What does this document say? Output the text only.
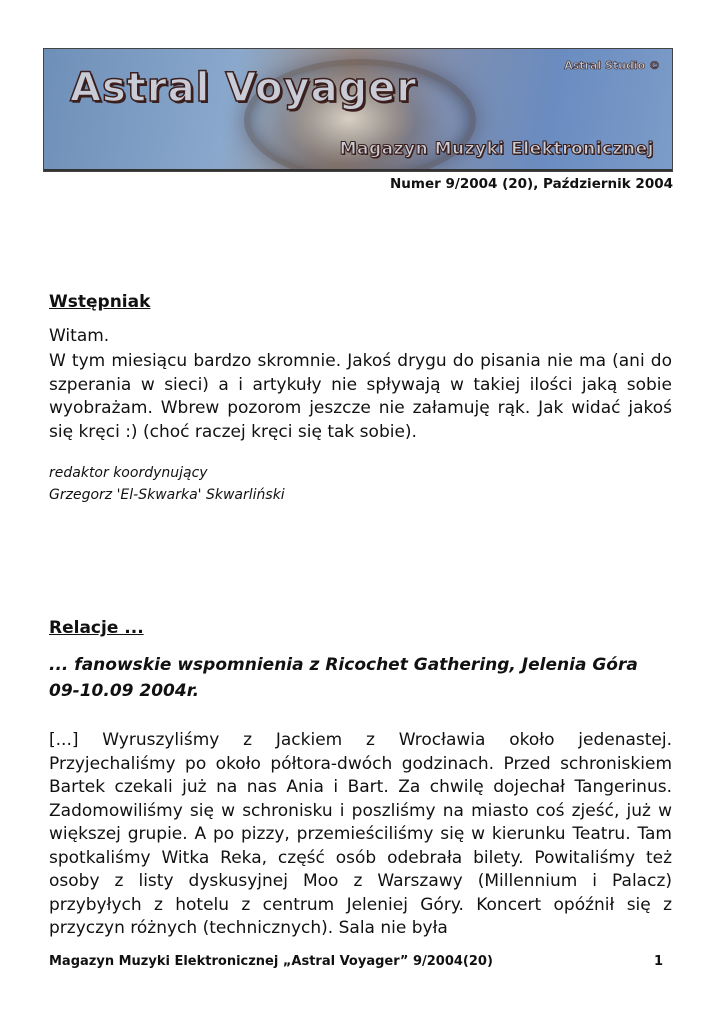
Astral Voyager	Astral Studio ©
Magazyn Muzyki Elektronicznej
Numer 9/2004 (20), Październik 2004
Wstępniak

Witam.

W tym miesiącu bardzo skromnie. Jakoś drygu do pisania nie ma (ani do szperania w sieci) a i artykuły nie spływają w takiej ilości jaką sobie wyobrażam. Wbrew pozorom jeszcze nie załamuję rąk. Jak widać jakoś się kręci :) (choć raczej kręci się tak sobie).

redaktor koordynujący
Grzegorz 'El-Skwarka' Skwarliński
Relacje ...

... fanowskie wspomnienia z Ricochet Gathering, Jelenia Góra 09-10.09 2004r.

[...] Wyruszyliśmy z Jackiem z Wrocławia około jedenastej. Przyjechaliśmy po około półtora-dwóch godzinach. Przed schroniskiem Bartek czekali już na nas Ania i Bart. Za chwilę dojechał Tangerinus. Zadomowiliśmy się w schronisku i poszliśmy na miasto coś zjeść, już w większej grupie. A po pizzy, przemieściliśmy się w kierunku Teatru. Tam spotkaliśmy Witka Reka, część osób odebrała bilety. Powitaliśmy też osoby z listy dyskusyjnej Moo z Warszawy (Millennium i Palacz) przybyłych z hotelu z centrum Jeleniej Góry. Koncert opóźnił się z przyczyn różnych (technicznych). Sala nie była

Magazyn Muzyki Elektronicznej „Astral Voyager” 9/2004(20)	1
